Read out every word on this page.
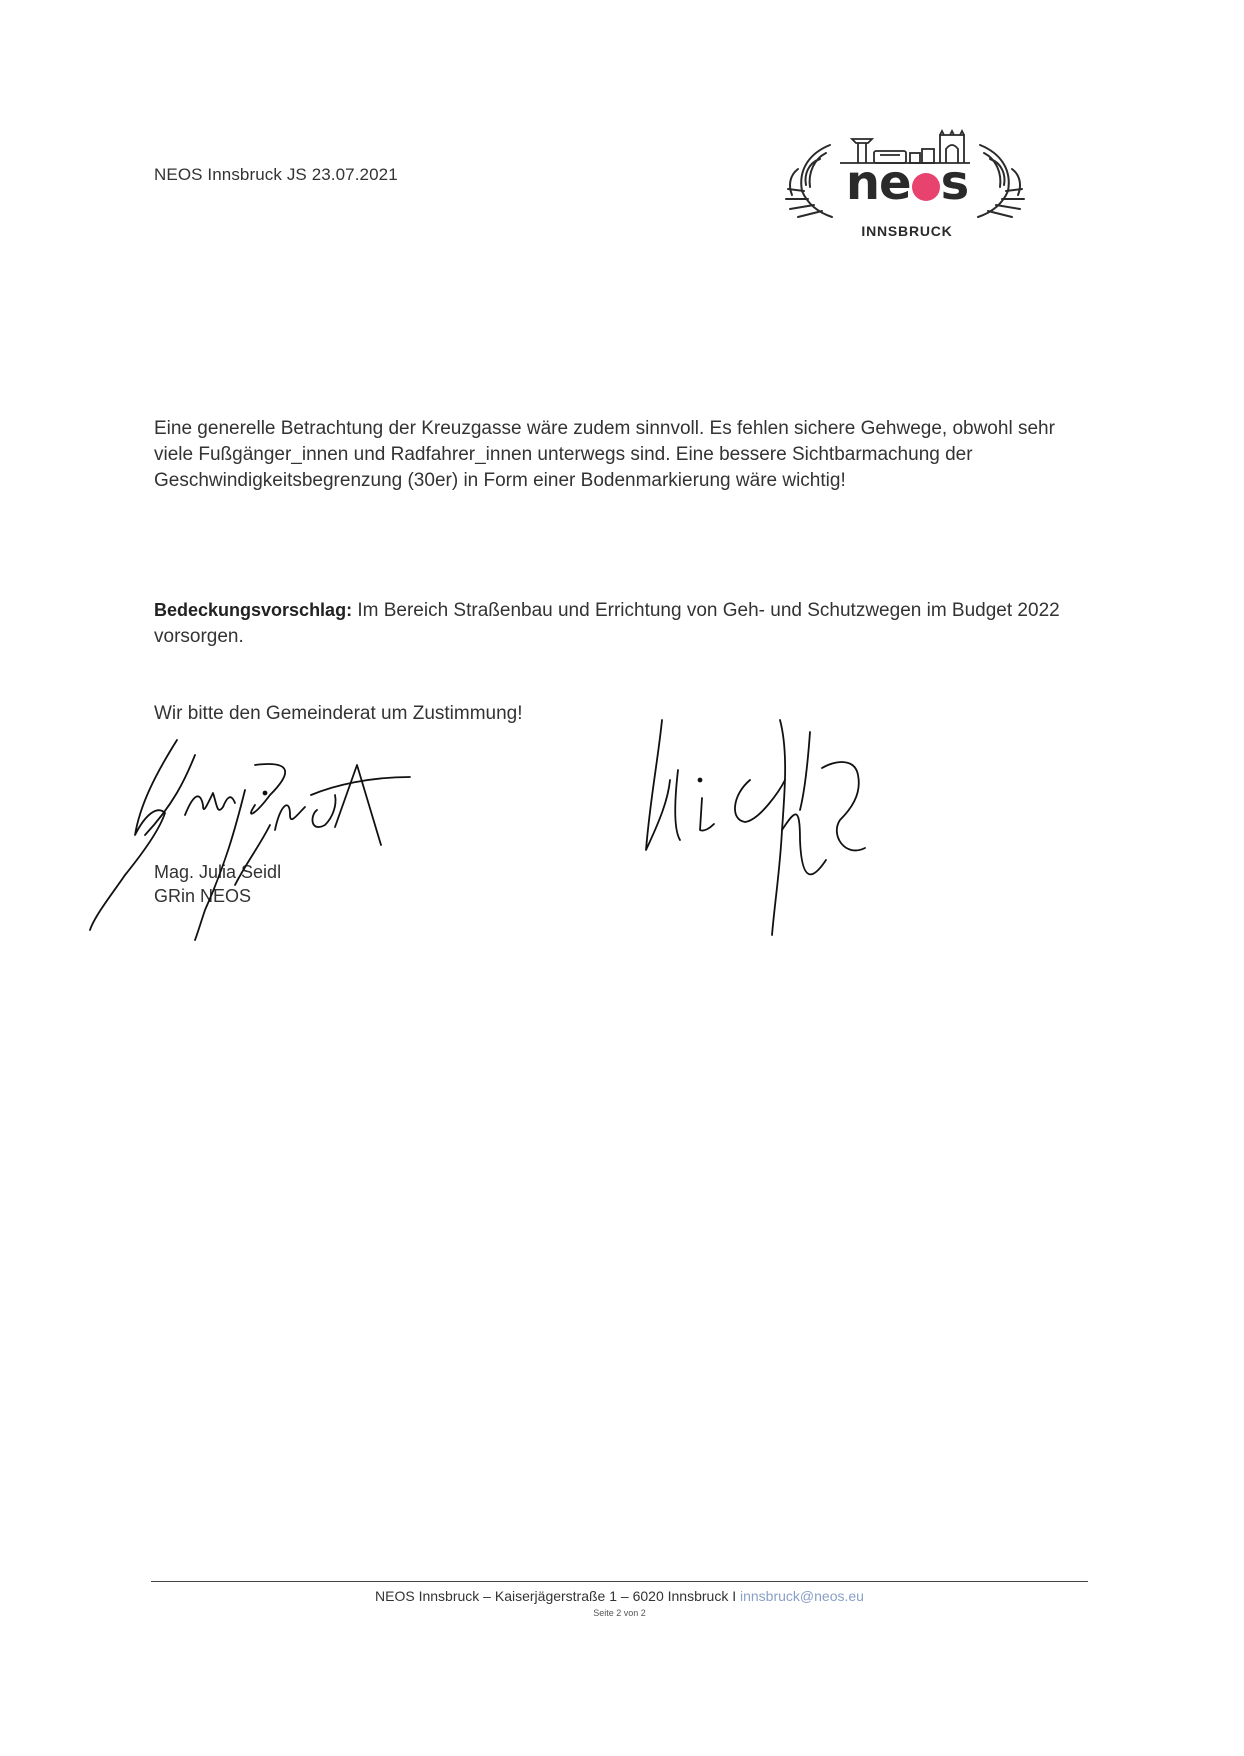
NEOS Innsbruck JS 23.07.2021	ne s
INNSBRUCK
Eine generelle Betrachtung der Kreuzgasse wäre zudem sinnvoll. Es fehlen sichere Gehwege, obwohl sehr viele Fußgänger_innen und Radfahrer_innen unterwegs sind. Eine bessere Sichtbarmachung der Geschwindigkeitsbegrenzung (30er) in Form einer Bodenmarkierung wäre wichtig!
Bedeckungsvorschlag: Im Bereich Straßenbau und Errichtung von Geh- und Schutzwegen im Budget 2022 vorsorgen.
Wir bitte den Gemeinderat um Zustimmung!
Mag. Julia Seidl
GRin NEOS
NEOS Innsbruck – Kaiserjägerstraße 1 – 6020 Innsbruck I innsbruck@neos.eu
Seite 2 von 2
